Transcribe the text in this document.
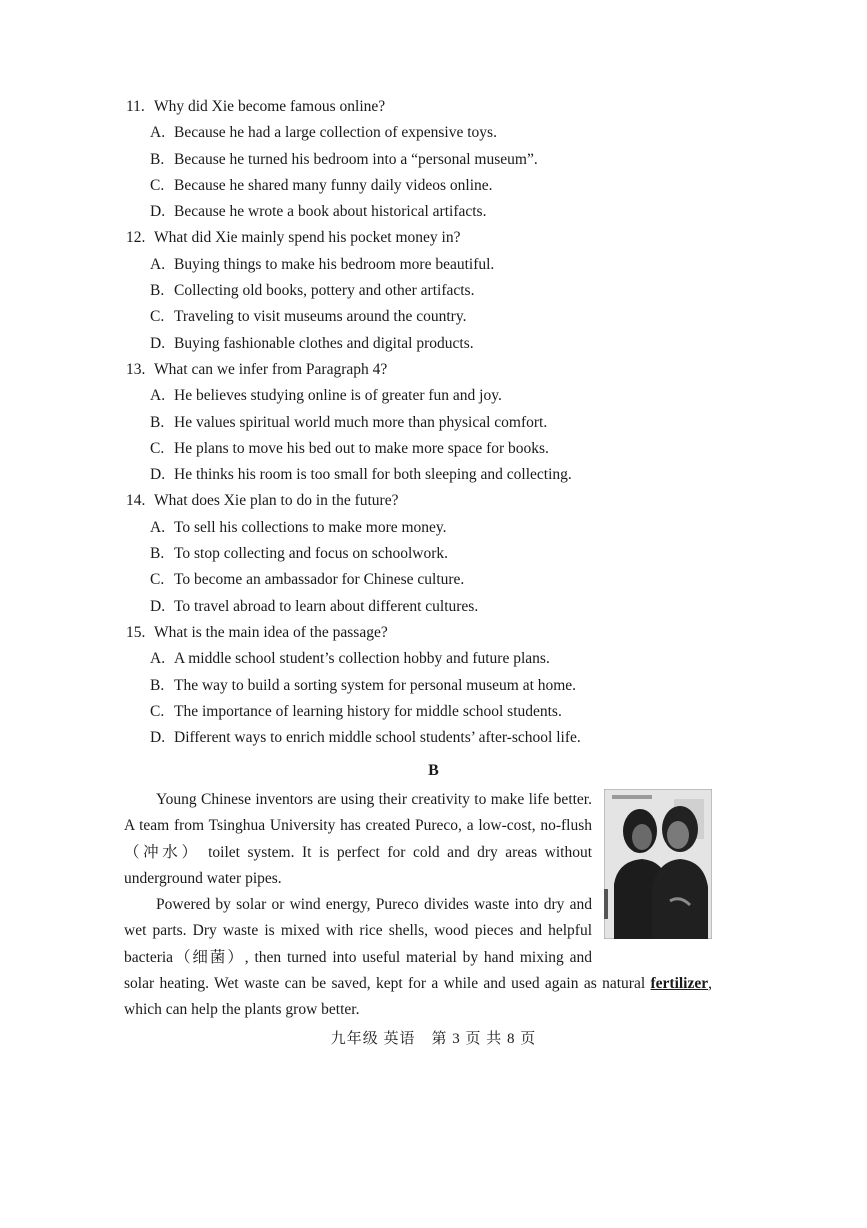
11. Why did Xie become famous online?
A. Because he had a large collection of expensive toys.
B. Because he turned his bedroom into a “personal museum”.
C. Because he shared many funny daily videos online.
D. Because he wrote a book about historical artifacts.
12. What did Xie mainly spend his pocket money in?
A. Buying things to make his bedroom more beautiful.
B. Collecting old books, pottery and other artifacts.
C. Traveling to visit museums around the country.
D. Buying fashionable clothes and digital products.
13. What can we infer from Paragraph 4?
A. He believes studying online is of greater fun and joy.
B. He values spiritual world much more than physical comfort.
C. He plans to move his bed out to make more space for books.
D. He thinks his room is too small for both sleeping and collecting.
14. What does Xie plan to do in the future?
A. To sell his collections to make more money.
B. To stop collecting and focus on schoolwork.
C. To become an ambassador for Chinese culture.
D. To travel abroad to learn about different cultures.
15. What is the main idea of the passage?
A. A middle school student’s collection hobby and future plans.
B. The way to build a sorting system for personal museum at home.
C. The importance of learning history for middle school students.
D. Different ways to enrich middle school students’ after-school life.
B

Young Chinese inventors are using their creativity to make life better. A team from Tsinghua University has created Pureco, a low-cost, no-flush （冲水） toilet system. It is perfect for cold and dry areas without underground water pipes.

Powered by solar or wind energy, Pureco divides waste into dry and wet parts. Dry waste is mixed with rice shells, wood pieces and helpful bacteria（细菌）, then turned into useful material by hand mixing and solar heating. Wet waste can be saved, kept for a while and used again as natural fertilizer, which can help the plants grow better.

九年级 英语　第 3 页 共 8 页
